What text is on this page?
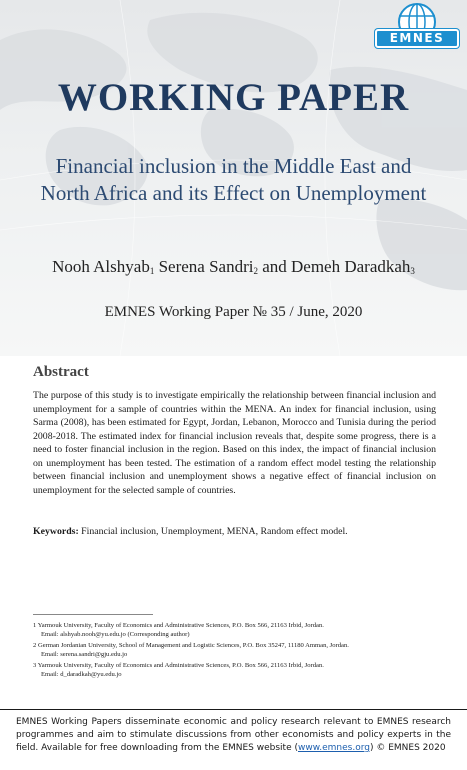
EMNES
WORKING PAPER
Financial inclusion in the Middle East and
North Africa and its Effect on Unemployment
Nooh Alshyab$_1$ Serena Sandri$_2$ and Demeh Daradkah$_3$
EMNES Working Paper № 35 / June, 2020
Abstract

The purpose of this study is to investigate empirically the relationship between financial inclusion and unemployment for a sample of countries within the MENA. An index for financial inclusion, using Sarma (2008), has been estimated for Egypt, Jordan, Lebanon, Morocco and Tunisia during the period 2008-2018. The estimated index for financial inclusion reveals that, despite some progress, there is a need to foster financial inclusion in the region. Based on this index, the impact of financial inclusion on unemployment has been tested. The estimation of a random effect model testing the relationship between financial inclusion and unemployment shows a negative effect of financial inclusion on unemployment for the selected sample of countries.

Keywords: Financial inclusion, Unemployment, MENA, Random effect model.

1 Yarmouk University, Faculty of Economics and Administrative Sciences, P.O. Box 566, 21163 Irbid, Jordan.
Email: alshyab.nooh@yu.edu.jo (Corresponding author)
2 German Jordanian University, School of Management and Logistic Sciences, P.O. Box 35247, 11180 Amman, Jordan.
Email: serena.sandri@gju.edu.jo
3 Yarmouk University, Faculty of Economics and Administrative Sciences, P.O. Box 566, 21163 Irbid, Jordan.
Email: d_daradkah@yu.edu.jo
EMNES Working Papers disseminate economic and policy research relevant to EMNES research programmes and aim to stimulate discussions from other economists and policy experts in the field. Available for free downloading from the EMNES website (www.emnes.org) © EMNES 2020
